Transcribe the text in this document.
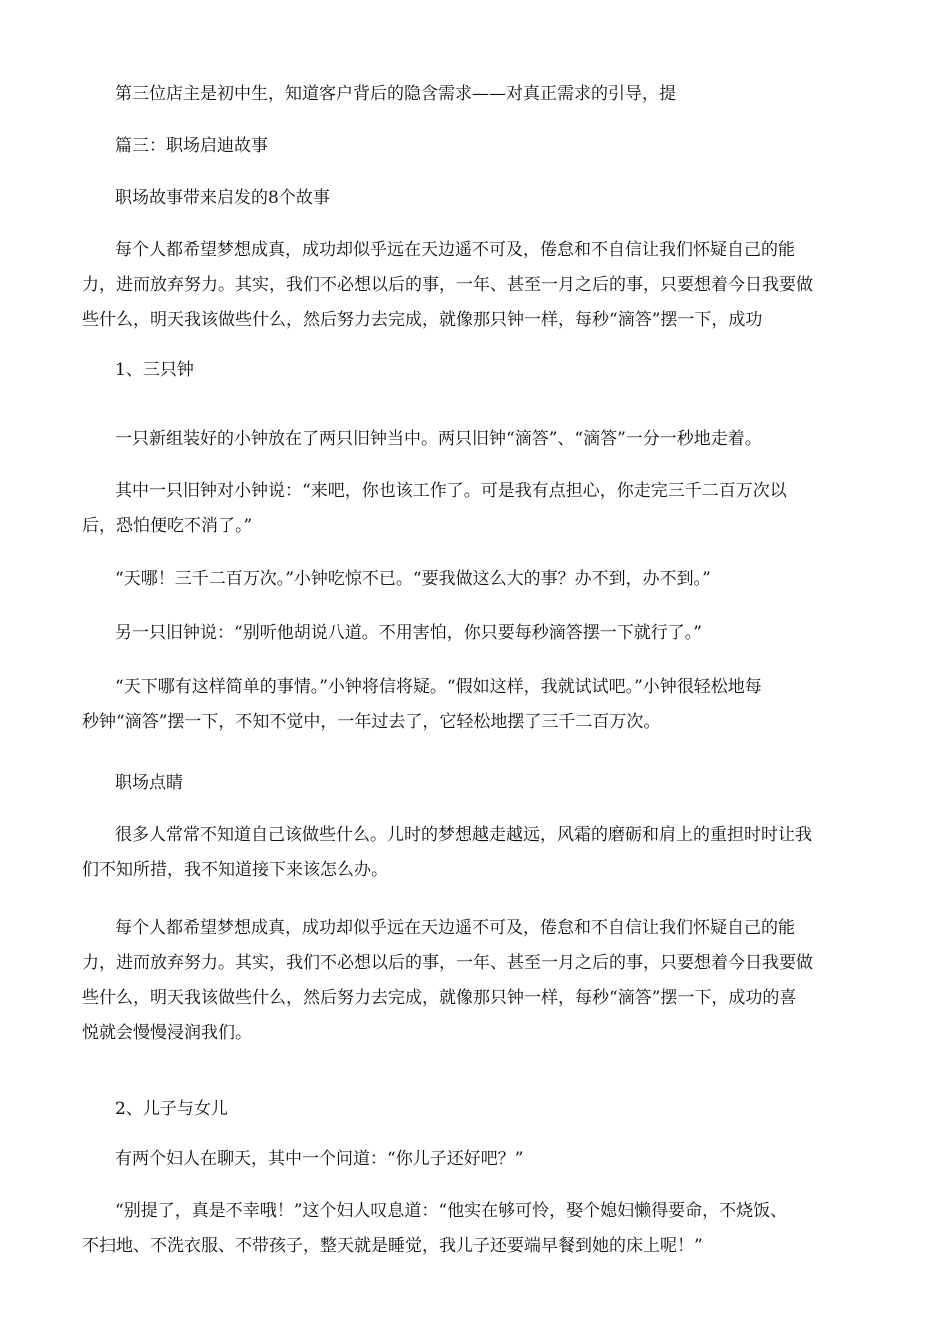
第三位店主是初中生，知道客户背后的隐含需求——对真正需求的引导，提

篇三：职场启迪故事

职场故事带来启发的8个故事

每个人都希望梦想成真，成功却似乎远在天边遥不可及，倦怠和不自信让我们怀疑自己的能
力，进而放弃努力。其实，我们不必想以后的事，一年、甚至一月之后的事，只要想着今日我要做
些什么，明天我该做些什么，然后努力去完成，就像那只钟一样，每秒“滴答”摆一下，成功

1、三只钟

一只新组装好的小钟放在了两只旧钟当中。两只旧钟“滴答”、“滴答”一分一秒地走着。

其中一只旧钟对小钟说：“来吧，你也该工作了。可是我有点担心，你走完三千二百万次以
后，恐怕便吃不消了。”

“天哪！三千二百万次。”小钟吃惊不已。“要我做这么大的事？办不到，办不到。”

另一只旧钟说：“别听他胡说八道。不用害怕，你只要每秒滴答摆一下就行了。”

“天下哪有这样简单的事情。”小钟将信将疑。“假如这样，我就试试吧。”小钟很轻松地每
秒钟“滴答”摆一下，不知不觉中，一年过去了，它轻松地摆了三千二百万次。

职场点睛

很多人常常不知道自己该做些什么。儿时的梦想越走越远，风霜的磨砺和肩上的重担时时让我
们不知所措，我不知道接下来该怎么办。

每个人都希望梦想成真，成功却似乎远在天边遥不可及，倦怠和不自信让我们怀疑自己的能
力，进而放弃努力。其实，我们不必想以后的事，一年、甚至一月之后的事，只要想着今日我要做
些什么，明天我该做些什么，然后努力去完成，就像那只钟一样，每秒“滴答”摆一下，成功的喜
悦就会慢慢浸润我们。

2、儿子与女儿

有两个妇人在聊天，其中一个问道：“你儿子还好吧？”

“别提了，真是不幸哦！”这个妇人叹息道：“他实在够可怜，娶个媳妇懒得要命，不烧饭、
不扫地、不洗衣服、不带孩子，整天就是睡觉，我儿子还要端早餐到她的床上呢！”
